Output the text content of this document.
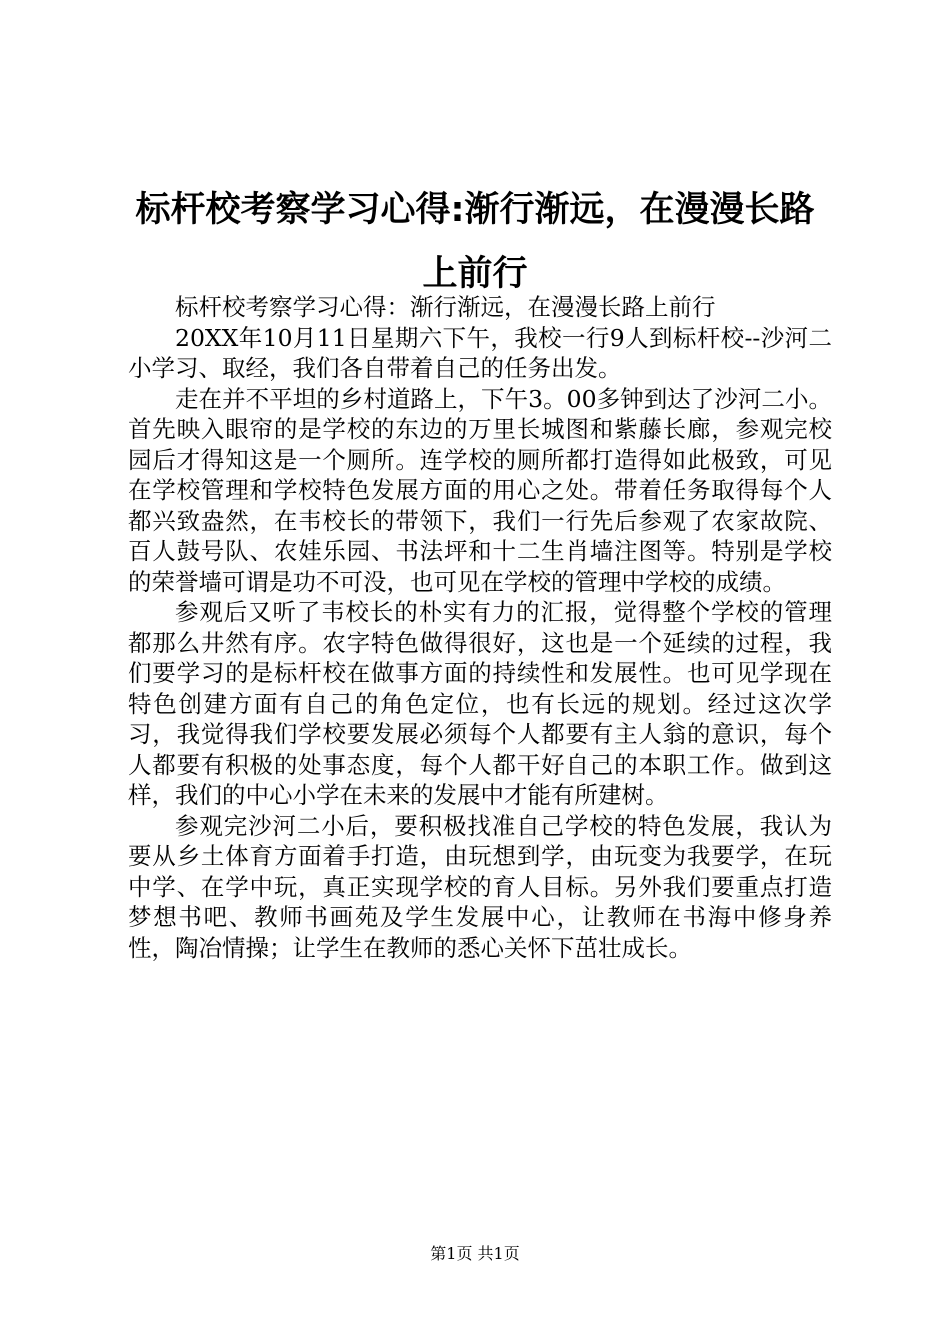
标杆校考察学习心得:渐行渐远，在漫漫长路上前行

标杆校考察学习心得：渐行渐远，在漫漫长路上前行

20XX年10月11日星期六下午，我校一行9人到标杆校--沙河二小学习、取经，我们各自带着自己的任务出发。

走在并不平坦的乡村道路上，下午3。00多钟到达了沙河二小。首先映入眼帘的是学校的东边的万里长城图和紫藤长廊，参观完校园后才得知这是一个厕所。连学校的厕所都打造得如此极致，可见在学校管理和学校特色发展方面的用心之处。带着任务取得每个人都兴致盎然，在韦校长的带领下，我们一行先后参观了农家故院、百人鼓号队、农娃乐园、书法坪和十二生肖墙注图等。特别是学校的荣誉墙可谓是功不可没，也可见在学校的管理中学校的成绩。

参观后又听了韦校长的朴实有力的汇报，觉得整个学校的管理都那么井然有序。农字特色做得很好，这也是一个延续的过程，我们要学习的是标杆校在做事方面的持续性和发展性。也可见学现在特色创建方面有自己的角色定位，也有长远的规划。经过这次学习，我觉得我们学校要发展必须每个人都要有主人翁的意识，每个人都要有积极的处事态度，每个人都干好自己的本职工作。做到这样，我们的中心小学在未来的发展中才能有所建树。

参观完沙河二小后，要积极找准自己学校的特色发展，我认为要从乡土体育方面着手打造，由玩想到学，由玩变为我要学，在玩中学、在学中玩，真正实现学校的育人目标。另外我们要重点打造梦想书吧、教师书画苑及学生发展中心，让教师在书海中修身养性，陶冶情操；让学生在教师的悉心关怀下茁壮成长。

第1页 共1页
